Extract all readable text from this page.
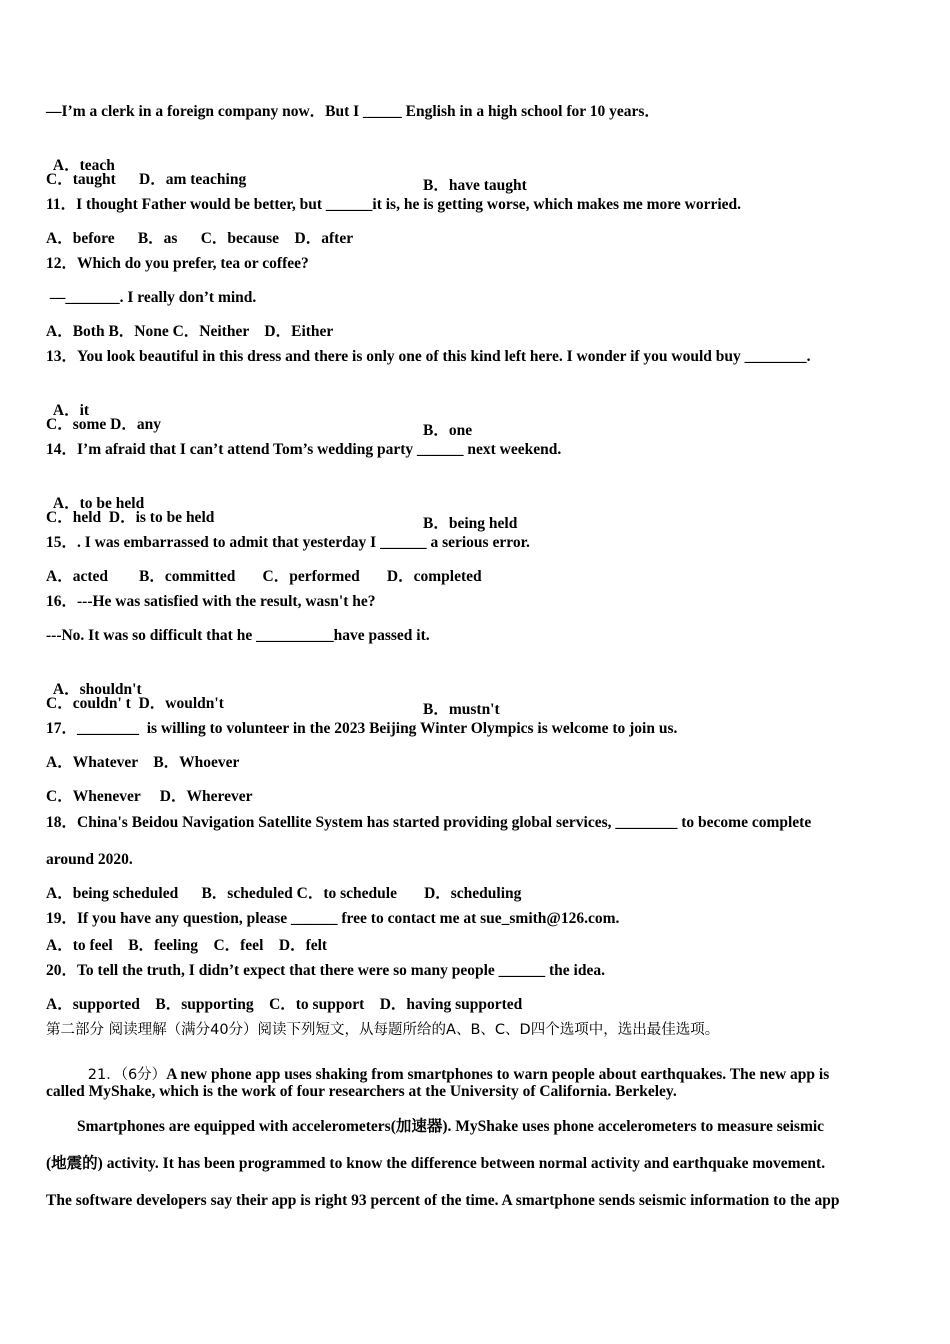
—I’m a clerk in a foreign company now．But I _____ English in a high school for 10 years．

A．teach

B．have taught

C．taught      D．am teaching
11．I thought Father would be better, but ______it is, he is getting worse, which makes me more worried.
A．before      B．as      C．because    D．after
12．Which do you prefer, tea or coffee?
—_______. I really don’t mind.
A．Both B．None C．Neither    D．Either
13．You look beautiful in this dress and there is only one of this kind left here. I wonder if you would buy ________.

A．it

B．one

C．some D．any
14．I’m afraid that I can’t attend Tom’s wedding party ______ next weekend.

A．to be held

B．being held

C．held  D．is to be held
15．. I was embarrassed to admit that yesterday I ______ a serious error.
A．acted        B．committed       C．performed       D．completed
16．---He was satisfied with the result, wasn't he?
---No. It was so difficult that he __________have passed it.

A．shouldn't

B．mustn't

C．couldn' t  D．wouldn't
17．________  is willing to volunteer in the 2023 Beijing Winter Olympics is welcome to join us.
A．Whatever    B．Whoever
C．Whenever     D．Wherever
18．China's Beidou Navigation Satellite System has started providing global services, ________ to become complete
around 2020.
A．being scheduled      B．scheduled C．to schedule       D．scheduling
19．If you have any question, please ______ free to contact me at sue_smith@126.com.
A．to feel    B．feeling    C．feel    D．felt
20．To tell the truth, I didn’t expect that there were so many people ______ the idea.
A．supported    B．supporting    C．to support    D．having supported
第二部分 阅读理解（满分40分）阅读下列短文，从每题所给的A、B、C、D四个选项中，选出最佳选项。

21．（6分）A new phone app uses shaking from smartphones to warn people about earthquakes. The new app is

called MyShake, which is the work of four researchers at the University of California. Berkeley.
Smartphones are equipped with accelerometers(加速器). MyShake uses phone accelerometers to measure seismic
(地震的) activity. It has been programmed to know the difference between normal activity and earthquake movement.
The software developers say their app is right 93 percent of the time. A smartphone sends seismic information to the app
